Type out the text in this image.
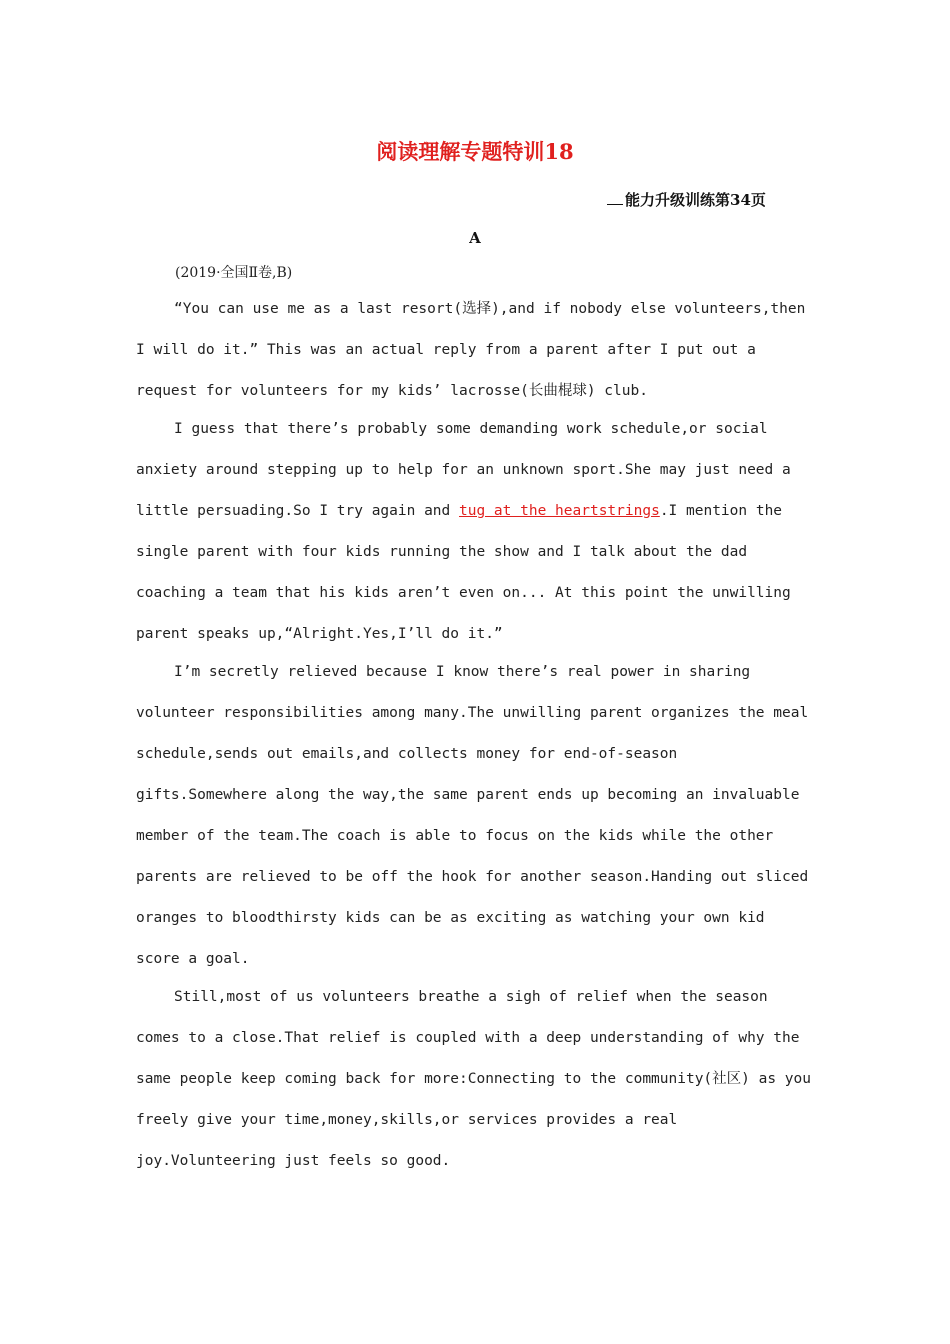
阅读理解专题特训18
能力升级训练第34页
A
(2019·全国Ⅱ卷,B)

“You can use me as a last resort(选择),and if nobody else volunteers,then I will do it.” This was an actual reply from a parent after I put out a request for volunteers for my kids’ lacrosse(长曲棍球) club.

I guess that there’s probably some demanding work schedule,or social anxiety around stepping up to help for an unknown sport.She may just need a little persuading.So I try again and tug at the heartstrings.I mention the single parent with four kids running the show and I talk about the dad coaching a team that his kids aren’t even on... At this point the unwilling parent speaks up,“Alright.Yes,I’ll do it.”

I’m secretly relieved because I know there’s real power in sharing volunteer responsibilities among many.The unwilling parent organizes the meal schedule,sends out emails,and collects money for end-of-season gifts.Somewhere along the way,the same parent ends up becoming an invaluable member of the team.The coach is able to focus on the kids while the other parents are relieved to be off the hook for another season.Handing out sliced oranges to bloodthirsty kids can be as exciting as watching your own kid score a goal.

Still,most of us volunteers breathe a sigh of relief when the season comes to a close.That relief is coupled with a deep understanding of why the same people keep coming back for more:Connecting to the community(社区) as you freely give your time,money,skills,or services provides a real joy.Volunteering just feels so good.
